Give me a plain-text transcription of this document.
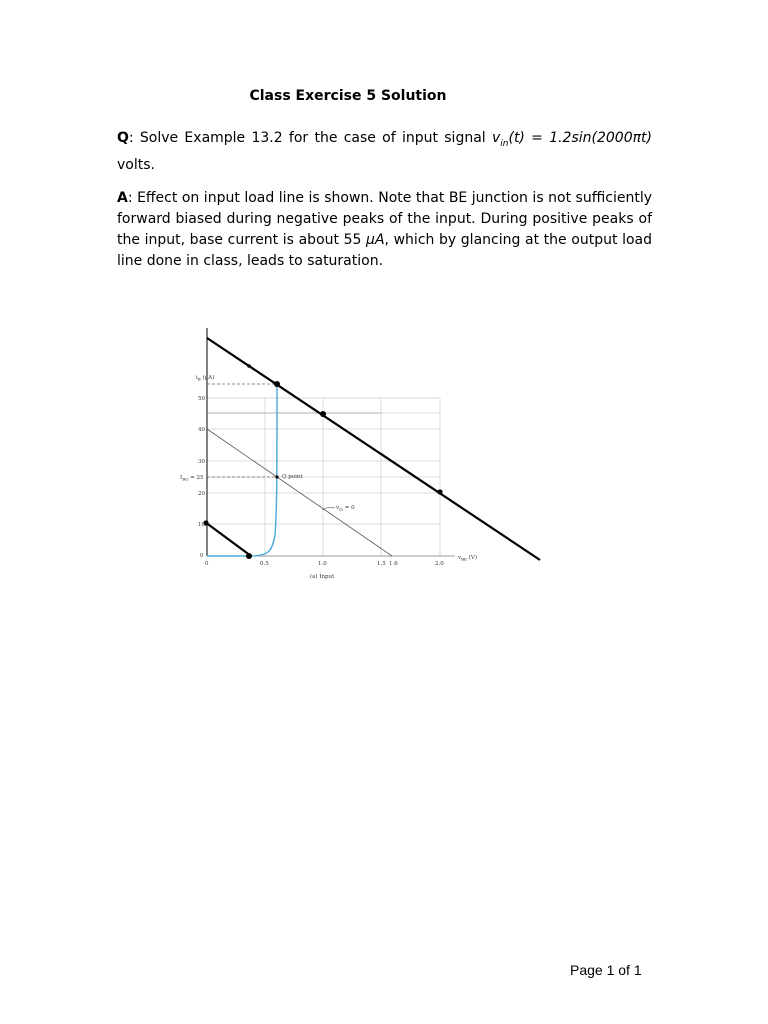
Class Exercise 5 Solution
Q: Solve Example 13.2 for the case of input signal $v_{in}(t) = 1.2\sin(2000\pi t)$ volts.
A: Effect on input load line is shown. Note that BE junction is not sufficiently forward biased during negative peaks of the input. During positive peaks of the input, base current is about 55 μA, which by glancing at the output load line done in class, leads to saturation.
$i_B$ (μA)
50
40
30
20
10
0
$I_{BQ} = 25$
0	0.5	1.0	1.5 1.6	2.0
$v_{BE}$ (V)
(a) Input
Q point
$v_{in} = 0$
Page 1 of 1
